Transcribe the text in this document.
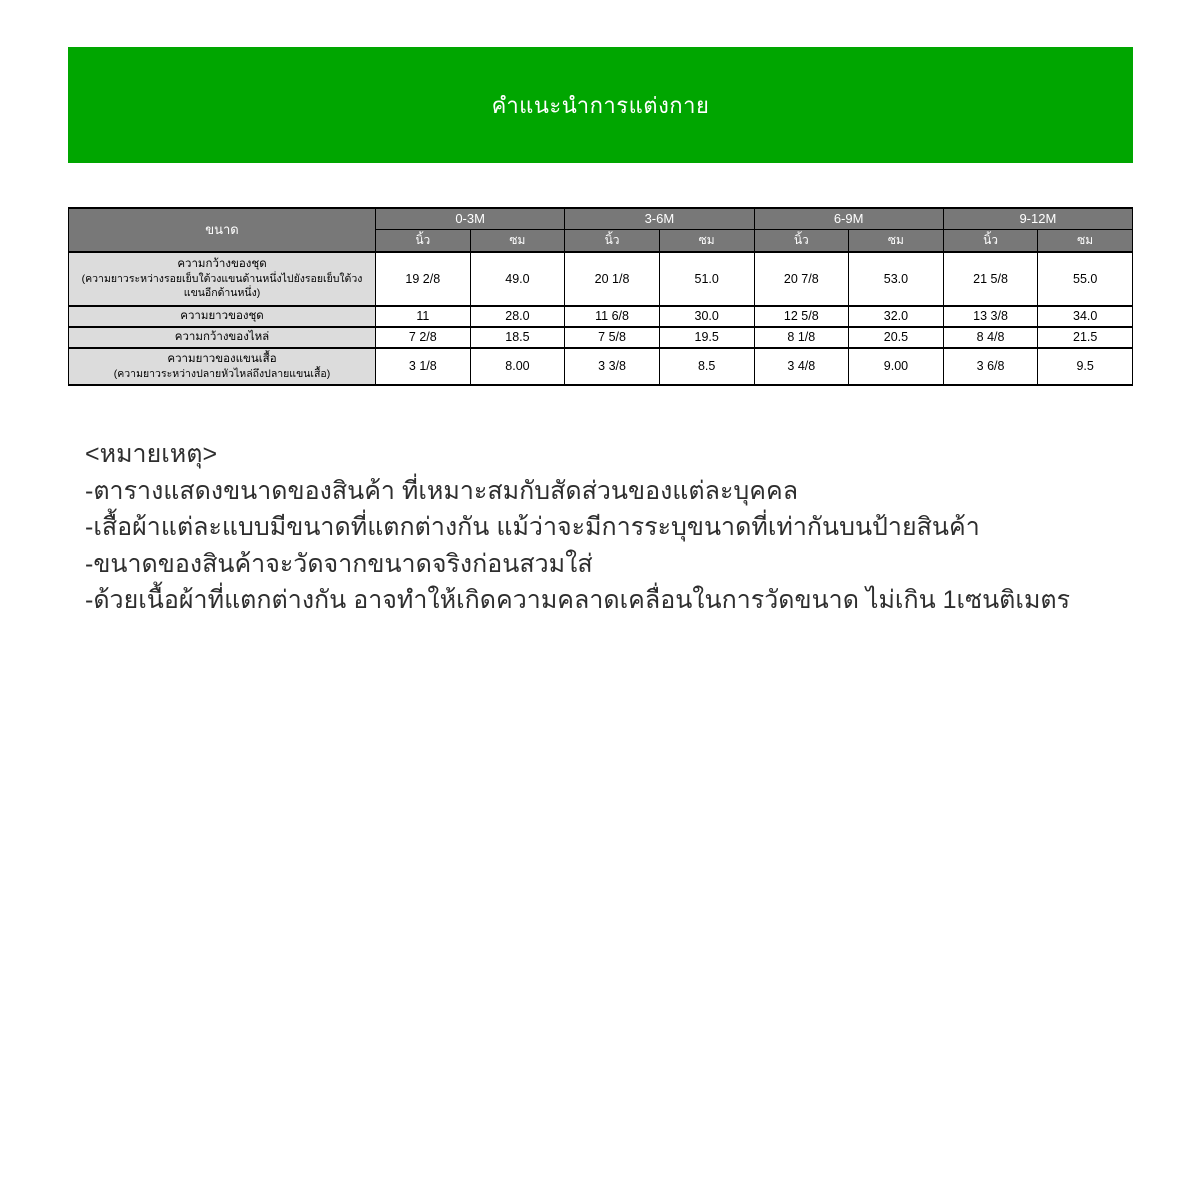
คำแนะนำการแต่งกาย
ขนาด	0-3M		3-6M		6-9M		9-12M	
	นิ้ว	ซม	นิ้ว	ซม	นิ้ว	ซม	นิ้ว	ซม

ความกว้างของชุด
(ความยาวระหว่างรอยเย็บใต้วงแขนด้านหนึ่งไปยังรอยเย็บใต้วงแขนอีกด้านหนึ่ง)	19 2/8	49.0	20 1/8	51.0	20 7/8	53.0	21 5/8	55.0

ความยาวของชุด	11	28.0	11 6/8	30.0	12 5/8	32.0	13 3/8	34.0

ความกว้างของไหล่	7 2/8	18.5	7 5/8	19.5	8 1/8	20.5	8 4/8	21.5

ความยาวของแขนเสื้อ
(ความยาวระหว่างปลายหัวไหล่ถึงปลายแขนเสื้อ)	3 1/8	8.00	3 3/8	8.5	3 4/8	9.00	3 6/8	9.5
<หมายเหตุ>
-ตารางแสดงขนาดของสินค้า ที่เหมาะสมกับสัดส่วนของแต่ละบุคคล
-เสื้อผ้าแต่ละแบบมีขนาดที่แตกต่างกัน แม้ว่าจะมีการระบุขนาดที่เท่ากันบนป้ายสินค้า
-ขนาดของสินค้าจะวัดจากขนาดจริงก่อนสวมใส่
-ด้วยเนื้อผ้าที่แตกต่างกัน อาจทำให้เกิดความคลาดเคลื่อนในการวัดขนาด ไม่เกิน 1เซนติเมตร
